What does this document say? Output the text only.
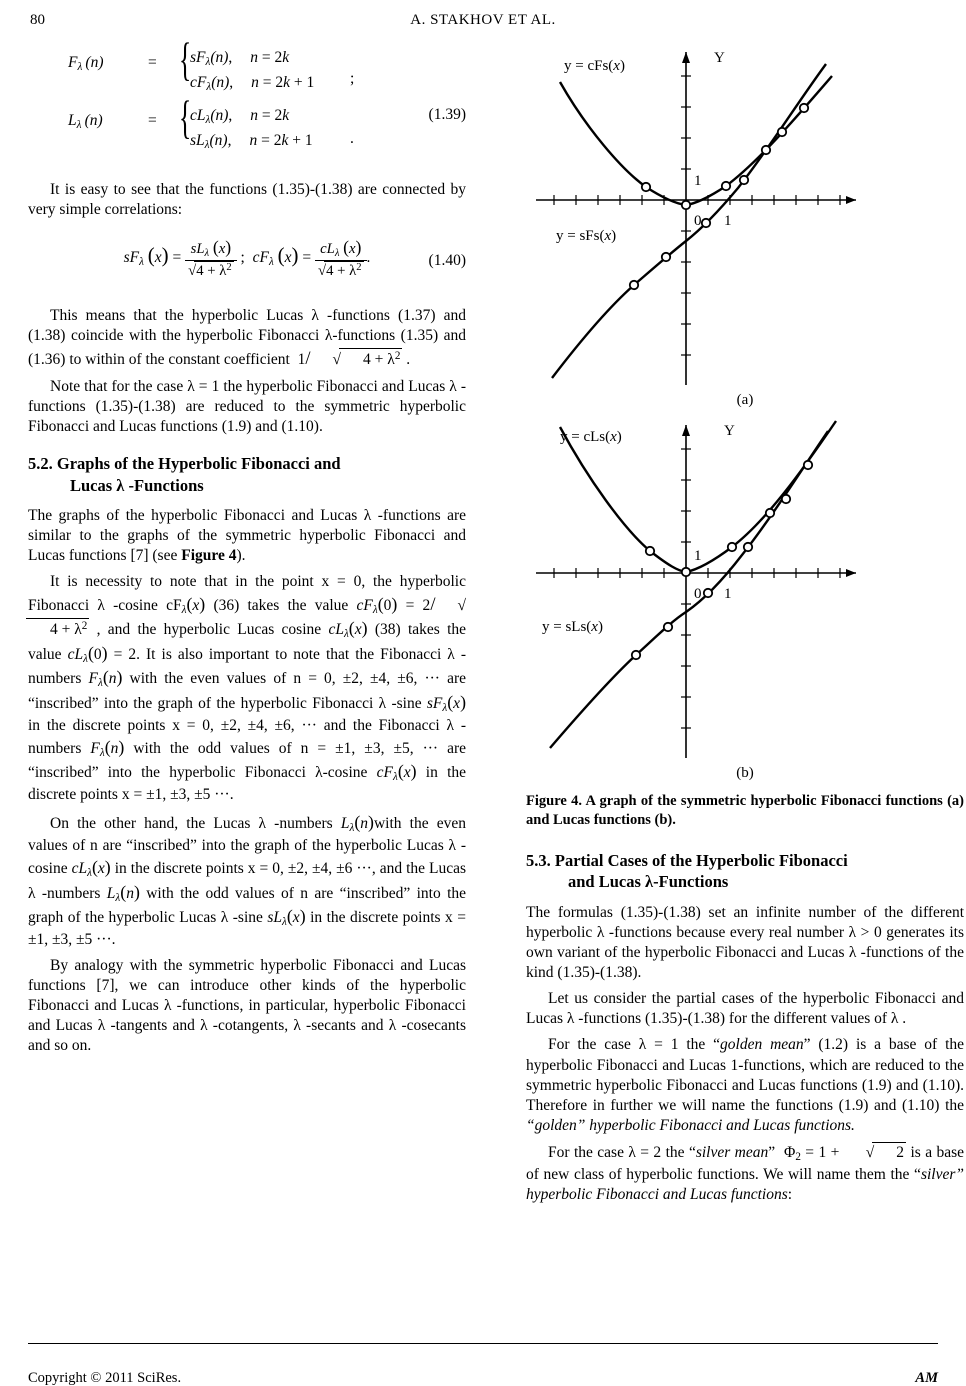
80	A. STAKHOV ET AL.
(1.39)
$F_\lambda$ (n)	= {
$sF_\lambda(n)$, n = 2k
$cF_\lambda(n)$, n = 2k + 1 ;
$L_\lambda$ (n)	= {
$cL_\lambda(n)$, n = 2k
$sL_\lambda(n)$, n = 2k + 1 .

It is easy to see that the functions (1.35)-(1.38) are connected by very simple correlations:

$sF_\lambda$ $(x) = \frac{sL_\lambda (x)}{√4 + \lambda^2}$ ;  $cF_\lambda$ $(x) = \frac{cL_\lambda (x)}{√4 + \lambda^2}$ .	(1.40)

This means that the hyperbolic Lucas λ -functions (1.37) and (1.38) coincide with the hyperbolic Fibonacci λ-functions (1.35) and (1.36) to within of the constant coefficient  1/ √ $4 + \lambda^2$ .

Note that for the case λ = 1 the hyperbolic Fibonacci and Lucas λ -functions (1.35)-(1.38) are reduced to the symmetric hyperbolic Fibonacci and Lucas functions (1.9) and (1.10).

5.2. Graphs of the Hyperbolic Fibonacci and
Lucas λ -Functions

The graphs of the hyperbolic Fibonacci and Lucas λ -functions are similar to the graphs of the symmetric hyperbolic Fibonacci and Lucas functions [7] (see Figure 4).

It is necessity to note that in the point x = 0, the hyperbolic Fibonacci λ -cosine $cF_\lambda(x)$ (36) takes the value $cF_\lambda(0) = 2/$ $√4 + \lambda^2$ , and the hyperbolic Lucas cosine $cL_\lambda(x)$ (38) takes the value $cL_\lambda(0) = 2$. It is also important to note that the Fibonacci λ -numbers $F_\lambda(n)$ with the even values of n = 0, ±2, ±4, ±6, ··· are “inscribed” into the graph of the hyperbolic Fibonacci λ -sine $sF_\lambda(x)$ in the discrete points x = 0, ±2, ±4, ±6, ··· and the Fibonacci λ -numbers $F_\lambda(n)$ with the odd values of n = ±1, ±3, ±5, ··· are “inscribed” into the hyperbolic Fibonacci λ-cosine $cF_\lambda(x)$ in the discrete points x = ±1, ±3, ±5 ···.

On the other hand, the Lucas λ -numbers $L_\lambda(n)with$ the even values of n are “inscribed” into the graph of the hyperbolic Lucas λ -cosine $cL_\lambda(x)$ in the discrete points x = 0, ±2, ±4, ±6 ···, and the Lucas λ -numbers $L_\lambda(n)$ with the odd values of n are “inscribed” into the graph of the hyperbolic Lucas λ -sine $sL_\lambda(x)$ in the discrete points x = ±1, ±3, ±5 ···.

By analogy with the symmetric hyperbolic Fibonacci and Lucas functions [7], we can introduce other kinds of the hyperbolic Fibonacci and Lucas λ -functions, in particular, hyperbolic Fibonacci and Lucas λ -tangents and λ -cotangents, λ -secants and λ -cosecants and so on.

y = cFs(x)
y = sFs(x)
Y
0 1
1
(a)
y = cLs(x)
y = sLs(x)
Y
0 1
1
(b)
Figure 4. A graph of the symmetric hyperbolic Fibonacci functions (a) and Lucas functions (b).
5.3. Partial Cases of the Hyperbolic Fibonacci
and Lucas λ-Functions

The formulas (1.35)-(1.38) set an infinite number of the different hyperbolic λ -functions because every real number λ > 0 generates its own variant of the hyperbolic Fibonacci and Lucas λ -functions of the kind (1.35)-(1.38).

Let us consider the partial cases of the hyperbolic Fibonacci and Lucas λ -functions (1.35)-(1.38) for the different values of λ .

For the case λ = 1 the “golden mean” (1.2) is a base of the hyperbolic Fibonacci and Lucas 1-functions, which are reduced to the symmetric hyperbolic Fibonacci and Lucas functions (1.9) and (1.10). Therefore in further we will name the functions (1.9) and (1.10) the “golden” hyperbolic Fibonacci and Lucas functions.

For the case λ = 2 the “silver mean”  $\Phi_2 = 1$ + √ 2 is a base of new class of hyperbolic functions. We will name them the “silver” hyperbolic Fibonacci and Lucas functions:

Copyright © 2011 SciRes.	AM
